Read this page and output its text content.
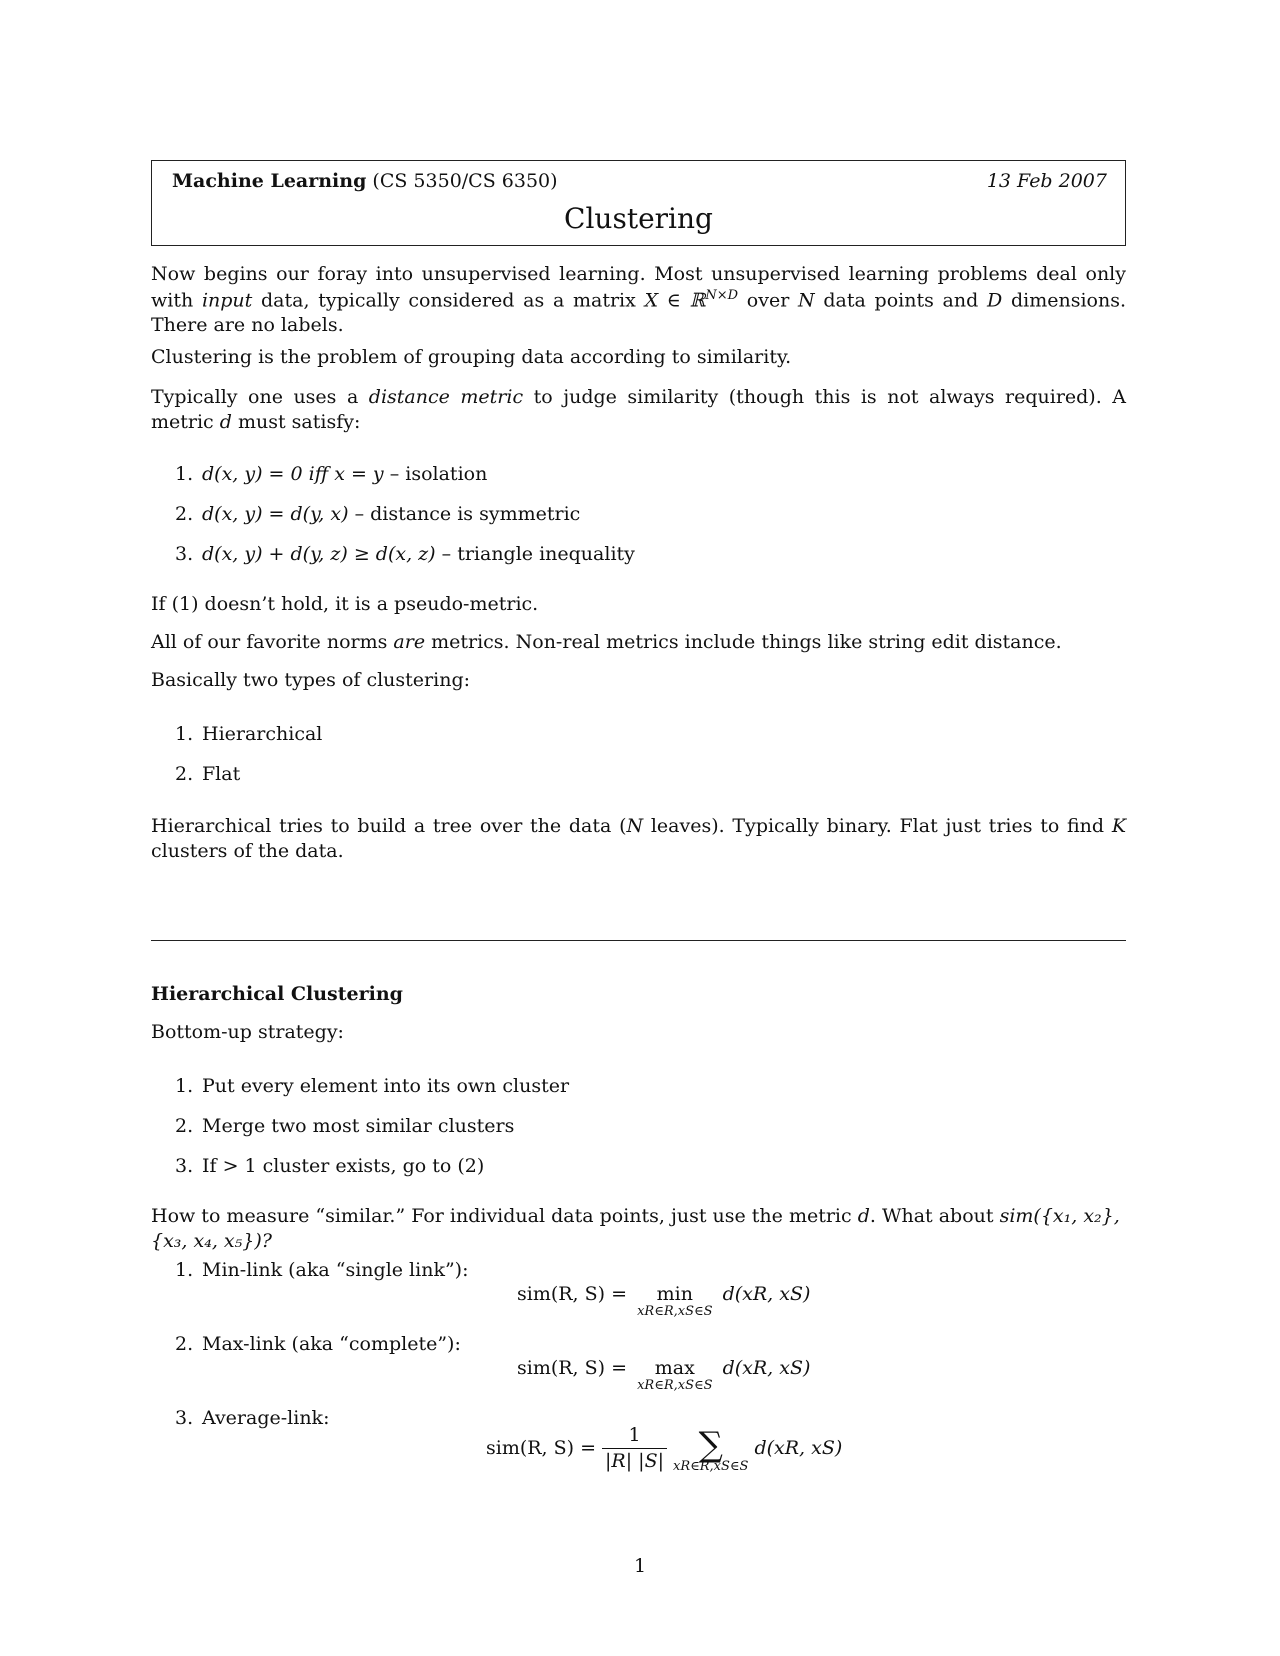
Machine Learning (CS 5350/CS 6350)	13 Feb 2007
Clustering

Now begins our foray into unsupervised learning. Most unsupervised learning problems deal only with input data, typically considered as a matrix X ∈ ℝ$^{N\times D}$ over N data points and D dimensions. There are no labels.

Clustering is the problem of grouping data according to similarity.

Typically one uses a distance metric to judge similarity (though this is not always required). A metric d must satisfy:

1. d(x, y) = 0 iff x = y – isolation
2. d(x, y) = d(y, x) – distance is symmetric
3. d(x, y) + d(y, z) ≥ d(x, z) – triangle inequality

If (1) doesn’t hold, it is a pseudo-metric.

All of our favorite norms are metrics. Non-real metrics include things like string edit distance.

Basically two types of clustering:

1. Hierarchical
2. Flat

Hierarchical tries to build a tree over the data (N leaves). Typically binary. Flat just tries to find K clusters of the data.

Hierarchical Clustering

Bottom-up strategy:

1. Put every element into its own cluster
2. Merge two most similar clusters
3. If > 1 cluster exists, go to (2)

How to measure “similar.” For individual data points, just use the metric d. What about sim({x₁, x₂}, {x₃, x₄, x₅})?

1. Min-link (aka “single link”):
sim(R, S) =	min
xR∈R,xS∈S
d(xR, xS)
2. Max-link (aka “complete”):
sim(R, S) =	max
xR∈R,xS∈S
d(xR, xS)
3. Average-link:
sim(R, $S) = \frac{1}{|R| |S|}$ ∑
xR∈R,xS∈S
d(xR, xS)
1
